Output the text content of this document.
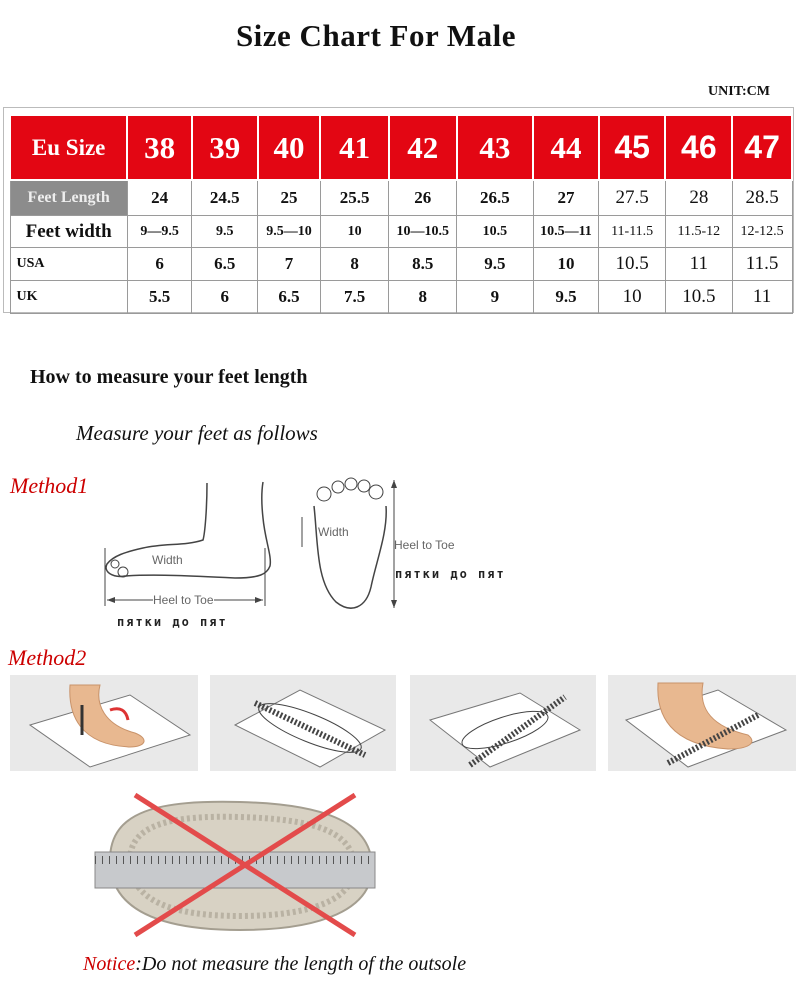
Size Chart For Male
UNIT:CM
Eu Size	38	39	40	41	42	43	44	45	46	47
Feet Length	24	24.5	25	25.5	26	26.5	27	27.5	28	28.5
Feet width	9—9.5	9.5	9.5—10	10	10—10.5	10.5	10.5—11	11-11.5	11.5-12	12-12.5
USA	6	6.5	7	8	8.5	9.5	10	10.5	11	11.5
UK	5.5	6	6.5	7.5	8	9	9.5	10	10.5	11
How to measure your feet length
Measure your feet as follows
Method1
Width
Heel to Toe
пятки до пят
Width
Heel to Toe
пятки до пят
Method2
Notice:Do not measure the length of the outsole
